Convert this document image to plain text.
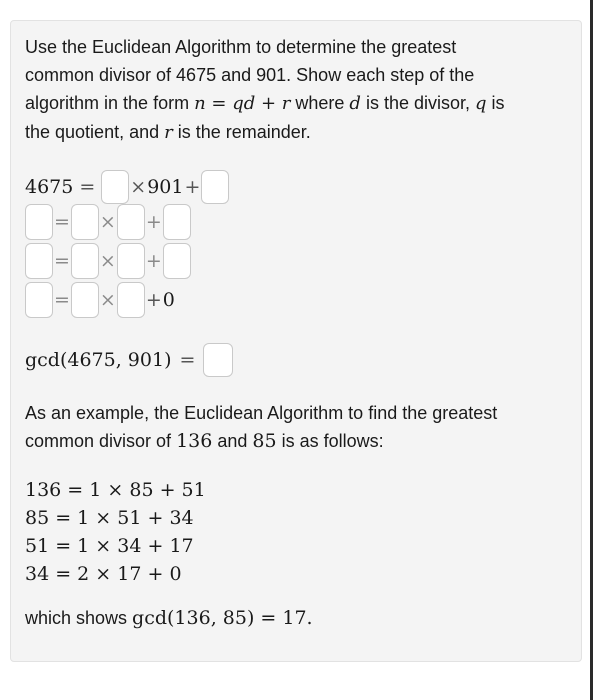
Use the Euclidean Algorithm to determine the greatest
common divisor of 4675 and 901. Show each step of the
algorithm in the form n = qd + r where d is the divisor, q is
the quotient, and r is the remainder.
4675 =	× 901 +
= × +
= × +
= × + 0
gcd(4675, 901) =
As an example, the Euclidean Algorithm to find the greatest
common divisor of 136 and 85 is as follows:
136 = 1 × 85 + 51
85 = 1 × 51 + 34
51 = 1 × 34 + 17
34 = 2 × 17 + 0
which shows gcd(136, 85) = 17.
